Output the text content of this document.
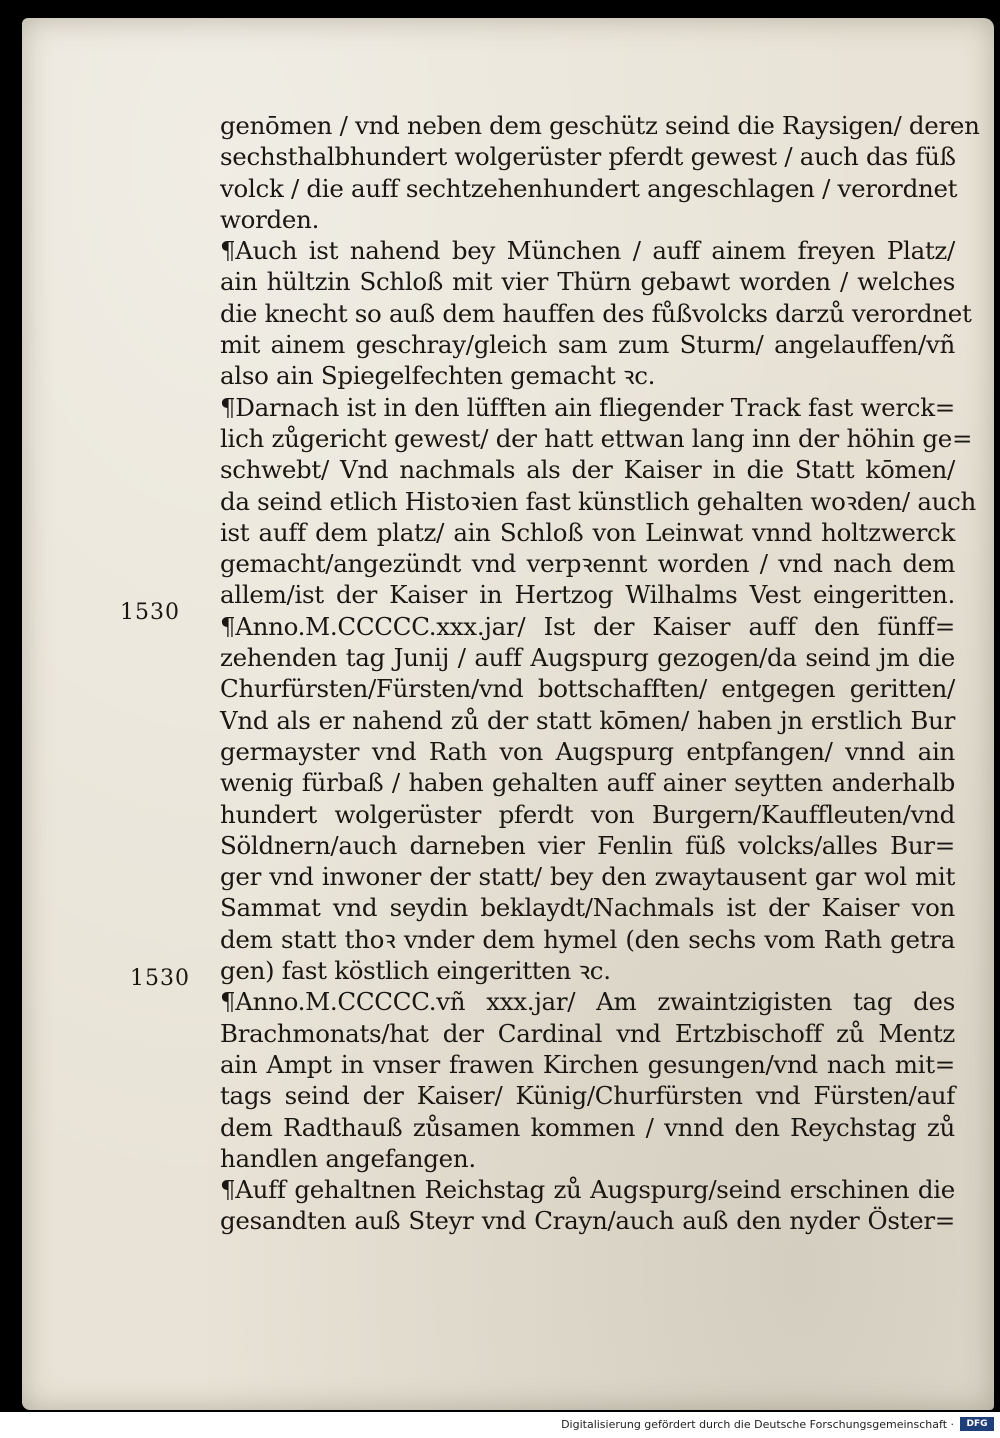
1530
1530
genōmen / vnd neben dem geschütz seind die Raysigen/ deren
sechsthalbhundert wolgerüster pferdt gewest / auch das füß
volck / die auff sechtzehenhundert angeschlagen / verordnet
worden.
¶Auch ist nahend bey München / auff ainem freyen Platz/
ain hültzin Schloß mit vier Thürn gebawt worden / welches
die knecht so auß dem hauffen des fůßvolcks darzů verordnet
mit ainem geschray/gleich sam zum Sturm/ angelauffen/vñ
also ain Spiegelfechten gemacht ꝛc.
¶Darnach ist in den lüfften ain fliegender Track fast werck=
lich zůgericht gewest/ der hatt ettwan lang inn der höhin ge=
schwebt/ Vnd nachmals als der Kaiser in die Statt kōmen/
da seind etlich Histoꝛien fast künstlich gehalten woꝛden/ auch
ist auff dem platz/ ain Schloß von Leinwat vnnd holtzwerck
gemacht/angezündt vnd verpꝛennt worden / vnd nach dem
allem/ist der Kaiser in Hertzog Wilhalms Vest eingeritten.
¶Anno.M.CCCCC.xxx.jar/ Ist der Kaiser auff den fünff=
zehenden tag Junij / auff Augspurg gezogen/da seind jm die
Churfürsten/Fürsten/vnd bottschafften/ entgegen geritten/
Vnd als er nahend zů der statt kōmen/ haben jn erstlich Bur
germayster vnd Rath von Augspurg entpfangen/ vnnd ain
wenig fürbaß / haben gehalten auff ainer seytten anderhalb
hundert wolgerüster pferdt von Burgern/Kauffleuten/vnd
Söldnern/auch darneben vier Fenlin füß volcks/alles Bur=
ger vnd inwoner der statt/ bey den zwaytausent gar wol mit
Sammat vnd seydin beklaydt/Nachmals ist der Kaiser von
dem statt thoꝛ vnder dem hymel (den sechs vom Rath getra
gen) fast köstlich eingeritten ꝛc.
¶Anno.M.CCCCC.vñ xxx.jar/ Am zwaintzigisten tag des
Brachmonats/hat der Cardinal vnd Ertzbischoff zů Mentz
ain Ampt in vnser frawen Kirchen gesungen/vnd nach mit=
tags seind der Kaiser/ Künig/Churfürsten vnd Fürsten/auf
dem Radthauß zůsamen kommen / vnnd den Reychstag zů
handlen angefangen.
¶Auff gehaltnen Reichstag zů Augspurg/seind erschinen die
gesandten auß Steyr vnd Crayn/auch auß den nyder Öster=
Digitalisierung gefördert durch die Deutsche Forschungsgemeinschaft ·	DFG
